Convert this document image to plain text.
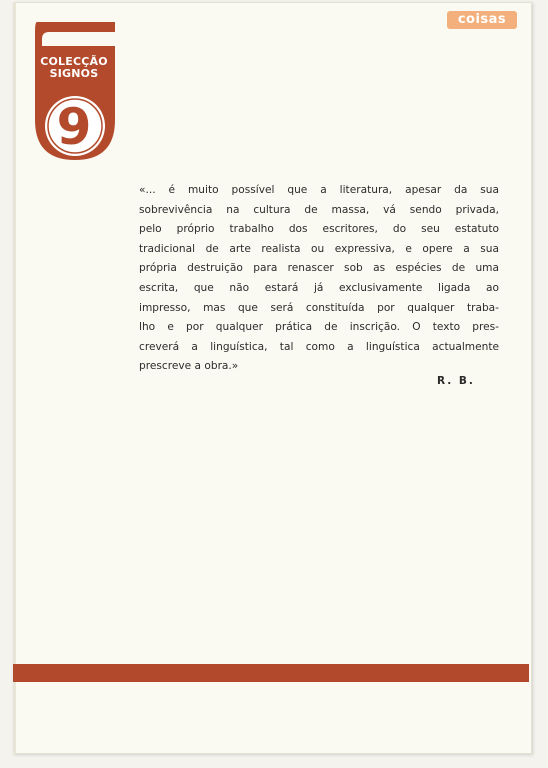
COLECÇÃO
SIGNOS
9
coisas

«... é muito possível que a literatura, apesar da sua
sobrevivência na cultura de massa, vá sendo privada,
pelo próprio trabalho dos escritores, do seu estatuto
tradicional de arte realista ou expressiva, e opere a sua
própria destruição para renascer sob as espécies de uma
escrita, que não estará já exclusivamente ligada ao
impresso, mas que será constituída por qualquer traba-
lho e por qualquer prática de inscrição. O texto pres-
creverá a linguística, tal como a linguística actualmente
prescreve a obra.»

R. B.
